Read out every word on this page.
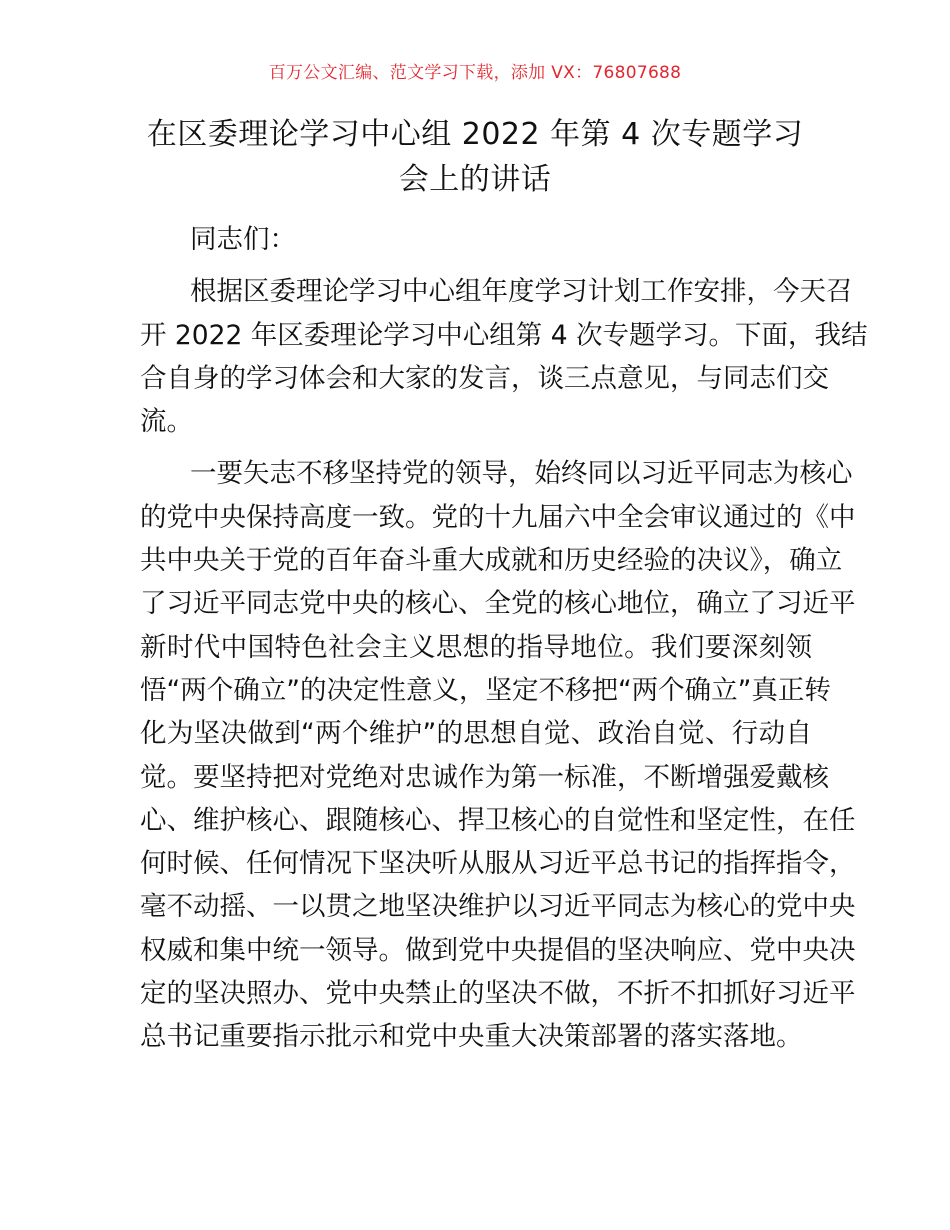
百万公文汇编、范文学习下载，添加 VX：76807688
在区委理论学习中心组 2022 年第 4 次专题学习
会上的讲话
同志们：
根据区委理论学习中心组年度学习计划工作安排，今天召
开 2022 年区委理论学习中心组第 4 次专题学习。下面，我结
合自身的学习体会和大家的发言，谈三点意见，与同志们交
流。
一要矢志不移坚持党的领导，始终同以习近平同志为核心
的党中央保持高度一致。党的十九届六中全会审议通过的《中
共中央关于党的百年奋斗重大成就和历史经验的决议》，确立
了习近平同志党中央的核心、全党的核心地位，确立了习近平
新时代中国特色社会主义思想的指导地位。我们要深刻领
悟“两个确立”的决定性意义，坚定不移把“两个确立”真正转
化为坚决做到“两个维护”的思想自觉、政治自觉、行动自
觉。要坚持把对党绝对忠诚作为第一标准，不断增强爱戴核
心、维护核心、跟随核心、捍卫核心的自觉性和坚定性，在任
何时候、任何情况下坚决听从服从习近平总书记的指挥指令，
毫不动摇、一以贯之地坚决维护以习近平同志为核心的党中央
权威和集中统一领导。做到党中央提倡的坚决响应、党中央决
定的坚决照办、党中央禁止的坚决不做，不折不扣抓好习近平
总书记重要指示批示和党中央重大决策部署的落实落地。
